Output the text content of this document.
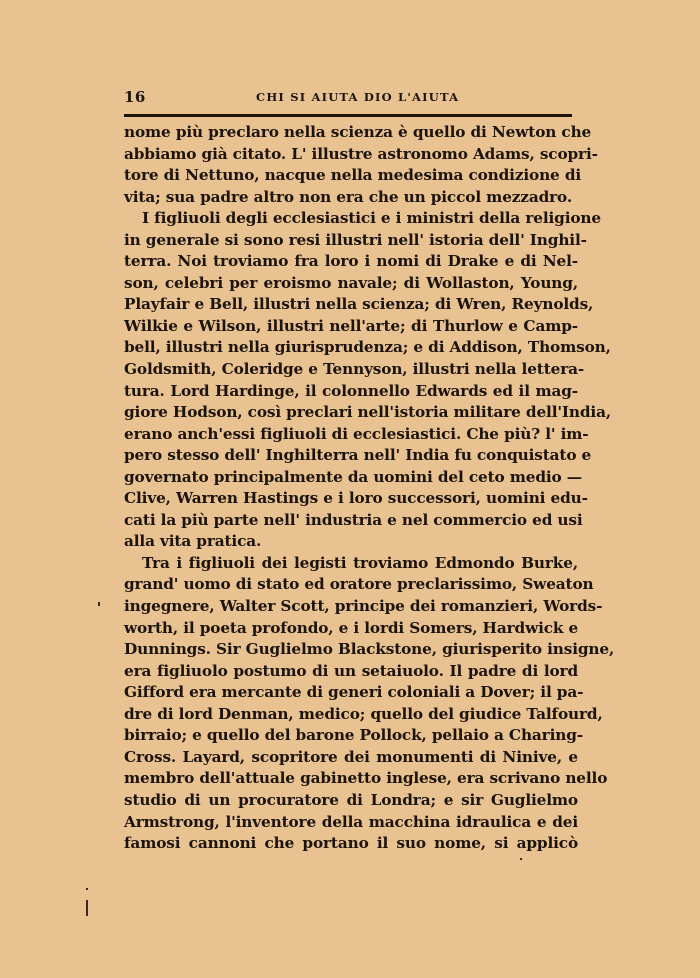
16	CHI SI AIUTA DIO L'AIUTA
nome più preclaro nella scienza è quello di Newton che
abbiamo già citato. L' illustre astronomo Adams, scopri-
tore di Nettuno, nacque nella medesima condizione di
vita; sua padre altro non era che un piccol mezzadro.
I figliuoli degli ecclesiastici e i ministri della religione
in generale si sono resi illustri nell' istoria dell' Inghil-
terra. Noi troviamo fra loro i nomi di Drake e di Nel-
son, celebri per eroismo navale; di Wollaston, Young,
Playfair e Bell, illustri nella scienza; di Wren, Reynolds,
Wilkie e Wilson, illustri nell'arte; di Thurlow e Camp-
bell, illustri nella giurisprudenza; e di Addison, Thomson,
Goldsmith, Coleridge e Tennyson, illustri nella lettera-
tura. Lord Hardinge, il colonnello Edwards ed il mag-
giore Hodson, così preclari nell'istoria militare dell'India,
erano anch'essi figliuoli di ecclesiastici. Che più? l' im-
pero stesso dell' Inghilterra nell' India fu conquistato e
governato principalmente da uomini del ceto medio —
Clive, Warren Hastings e i loro successori, uomini edu-
cati la più parte nell' industria e nel commercio ed usi
alla vita pratica.
Tra i figliuoli dei legisti troviamo Edmondo Burke,
grand' uomo di stato ed oratore preclarissimo, Sweaton
ingegnere, Walter Scott, principe dei romanzieri, Words-
worth, il poeta profondo, e i lordi Somers, Hardwick e
Dunnings. Sir Guglielmo Blackstone, giurisperito insigne,
era figliuolo postumo di un setaiuolo. Il padre di lord
Gifford era mercante di generi coloniali a Dover; il pa-
dre di lord Denman, medico; quello del giudice Talfourd,
birraio; e quello del barone Pollock, pellaio a Charing-
Cross. Layard, scopritore dei monumenti di Ninive, e
membro dell'attuale gabinetto inglese, era scrivano nello
studio di un procuratore di Londra; e sir Guglielmo
Armstrong, l'inventore della macchina idraulica e dei
famosi cannoni che portano il suo nome, si applicò
